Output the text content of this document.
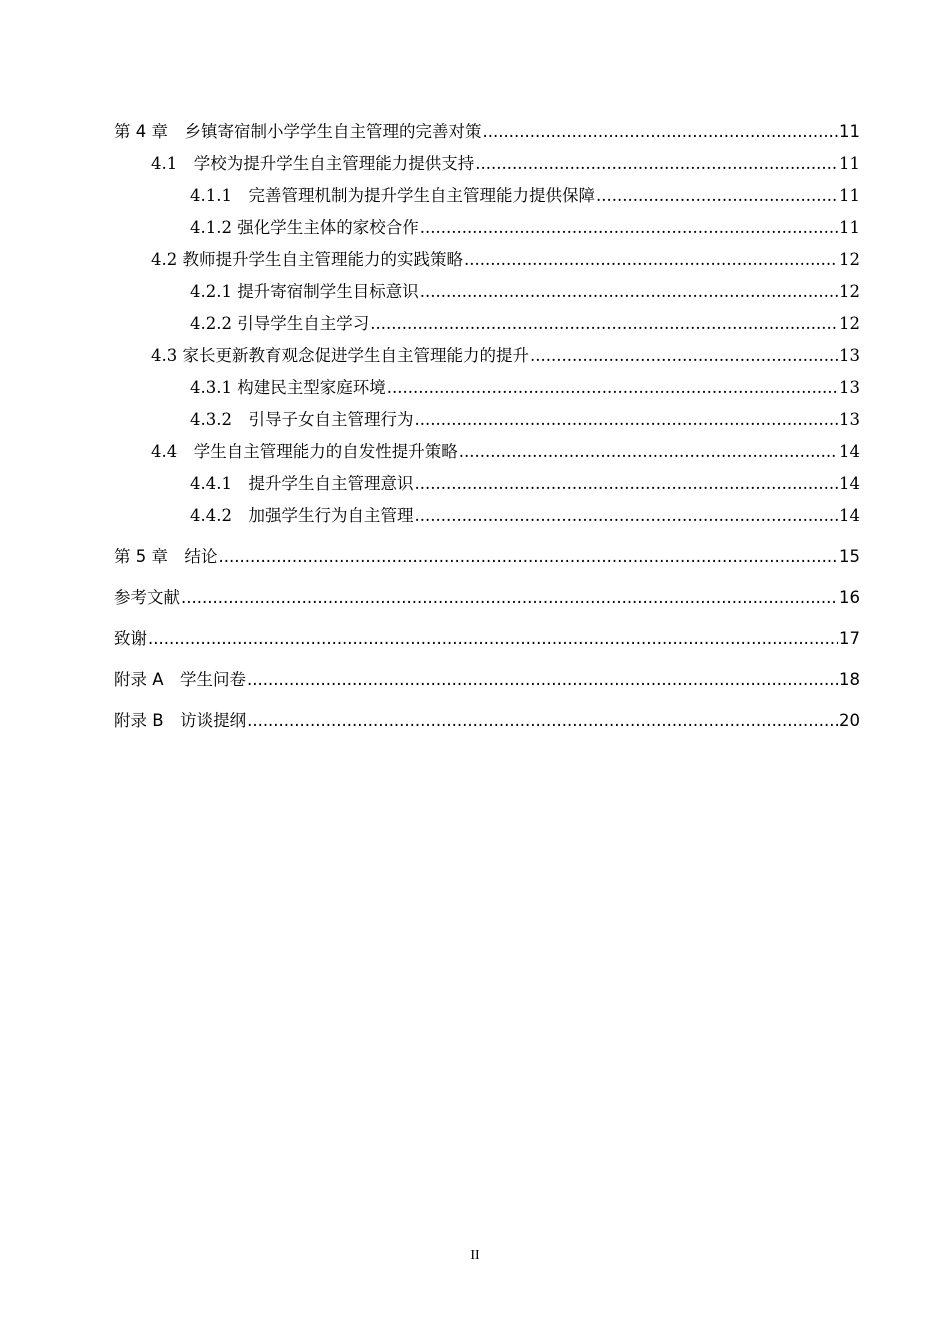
第 4 章　乡镇寄宿制小学学生自主管理的完善对策 .....	11
4.1　学校为提升学生自主管理能力提供支持 .....	11
4.1.1　完善管理机制为提升学生自主管理能力提供保障 .....	11
4.1.2 强化学生主体的家校合作 .....	11
4.2 教师提升学生自主管理能力的实践策略 .....	12
4.2.1 提升寄宿制学生目标意识 .....	12
4.2.2 引导学生自主学习 .....	12
4.3 家长更新教育观念促进学生自主管理能力的提升 .....	13
4.3.1 构建民主型家庭环境 .....	13
4.3.2　引导子女自主管理行为 .....	13
4.4　学生自主管理能力的自发性提升策略 .....	14
4.4.1　提升学生自主管理意识 .....	14
4.4.2　加强学生行为自主管理 .....	14
第 5 章　结论 .....	15
参考文献 .....	16
致谢 .....	17
附录 A　学生问卷 .....	18
附录 B　访谈提纲 .....	20
II
